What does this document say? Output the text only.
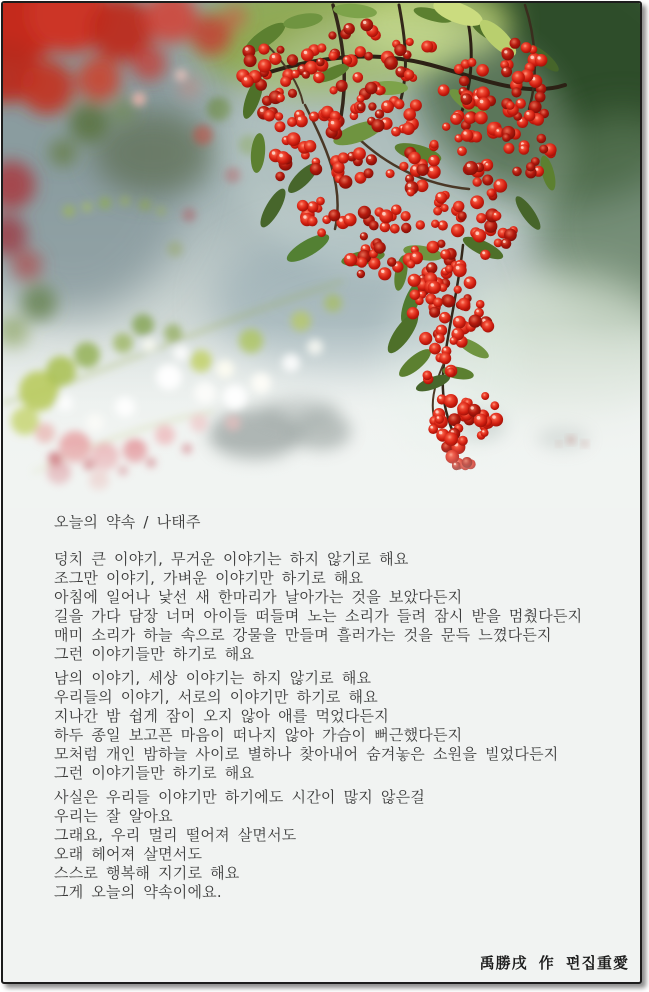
오늘의 약속 / 나태주
덩치 큰 이야기, 무거운 이야기는 하지 않기로 해요
조그만 이야기, 가벼운 이야기만 하기로 해요
아침에 일어나 낯선 새 한마리가 날아가는 것을 보았다든지
길을 가다 담장 너머 아이들 떠들며 노는 소리가 들려 잠시 받을 멈췄다든지
매미 소리가 하늘 속으로 강물을 만들며 흘러가는 것을 문득 느꼈다든지
그런 이야기들만 하기로 해요
남의 이야기, 세상 이야기는 하지 않기로 해요
우리들의 이야기, 서로의 이야기만 하기로 해요
지나간 밤 쉽게 잠이 오지 않아 애를 먹었다든지
하두 종일 보고픈 마음이 떠나지 않아 가슴이 뻐근했다든지
모처럼 개인 밤하늘 사이로 별하나 찾아내어 숨겨놓은 소원을 빌었다든지
그런 이야기들만 하기로 해요
사실은 우리들 이야기만 하기에도 시간이 많지 않은걸
우리는 잘 알아요
그래요, 우리 멀리 떨어져 살면서도
오래 헤어져 살면서도
스스로 행복해 지기로 해요
그게 오늘의 약속이에요.
禹勝戌 作 편집重愛
